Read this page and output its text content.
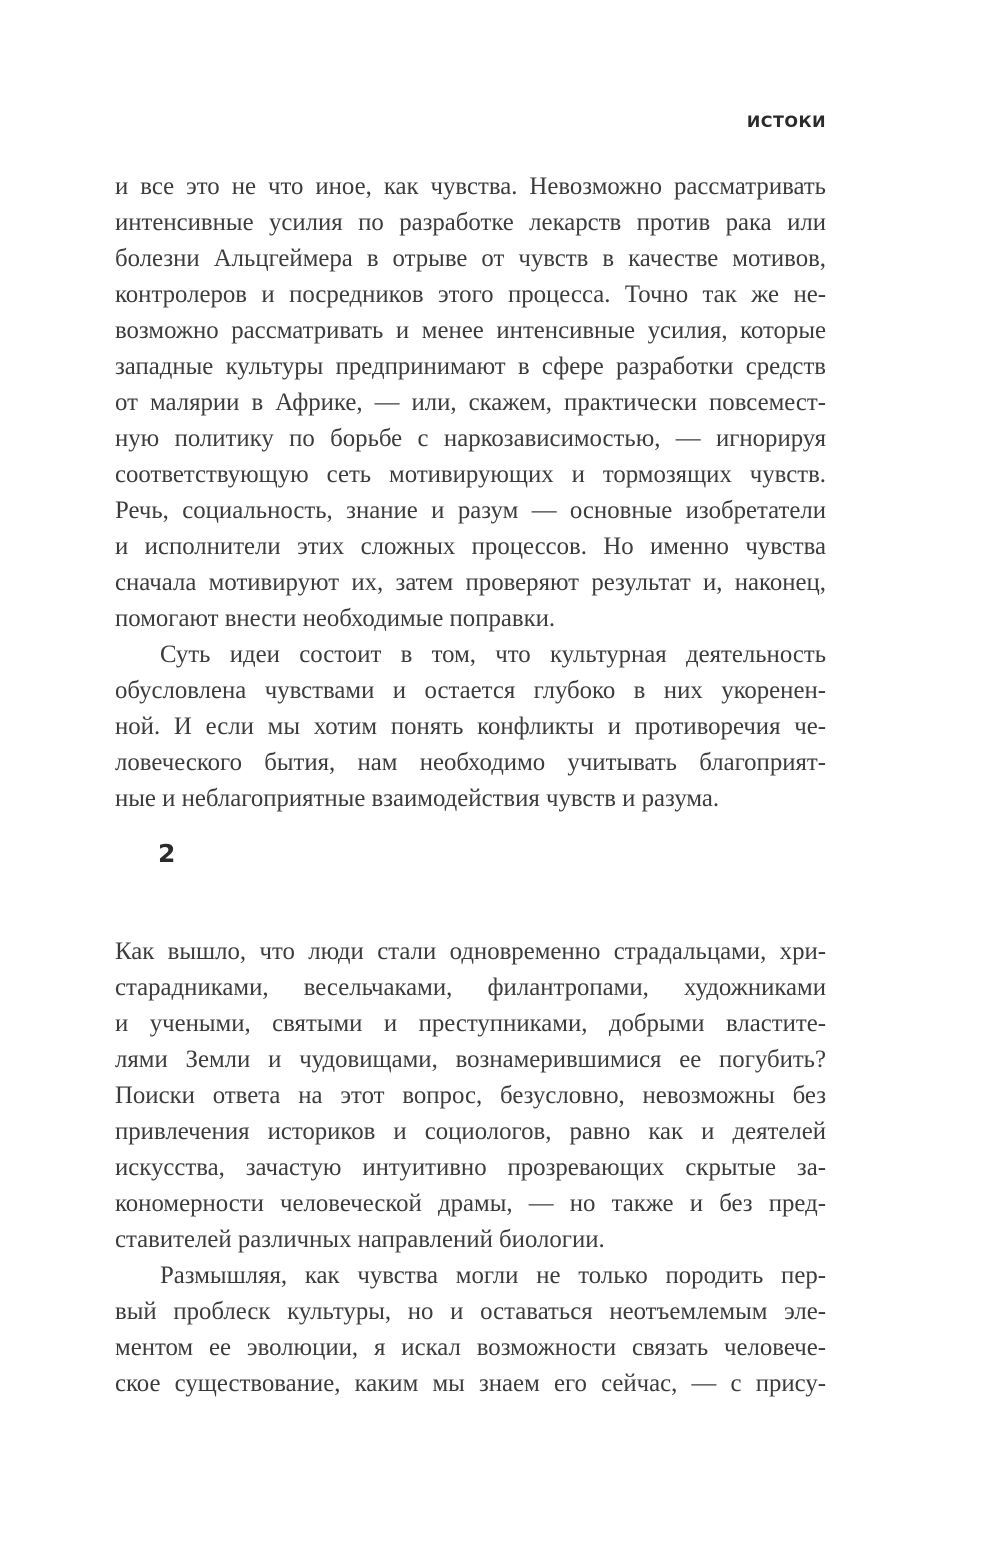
ИСТОКИ
и все это не что иное, как чувства. Невозможно рассматривать
интенсивные усилия по разработке лекарств против рака или
болезни Альцгеймера в отрыве от чувств в качестве мотивов,
контролеров и посредников этого процесса. Точно так же не-
возможно рассматривать и менее интенсивные усилия, которые
западные культуры предпринимают в сфере разработки средств
от малярии в Африке, — или, скажем, практически повсемест-
ную политику по борьбе с наркозависимостью, — игнорируя
соответствующую сеть мотивирующих и тормозящих чувств.
Речь, социальность, знание и разум — основные изобретатели
и исполнители этих сложных процессов. Но именно чувства
сначала мотивируют их, затем проверяют результат и, наконец,
помогают внести необходимые поправки.
Суть идеи состоит в том, что культурная деятельность
обусловлена чувствами и остается глубоко в них укоренен-
ной. И если мы хотим понять конфликты и противоречия че-
ловеческого бытия, нам необходимо учитывать благоприят-
ные и неблагоприятные взаимодействия чувств и разума.
2
Как вышло, что люди стали одновременно страдальцами, хри-
старадниками, весельчаками, филантропами, художниками
и учеными, святыми и преступниками, добрыми властите-
лями Земли и чудовищами, вознамерившимися ее погубить?
Поиски ответа на этот вопрос, безусловно, невозможны без
привлечения историков и социологов, равно как и деятелей
искусства, зачастую интуитивно прозревающих скрытые за-
кономерности человеческой драмы, — но также и без пред-
ставителей различных направлений биологии.
Размышляя, как чувства могли не только породить пер-
вый проблеск культуры, но и оставаться неотъемлемым эле-
ментом ее эволюции, я искал возможности связать человече-
ское существование, каким мы знаем его сейчас, — с прису-
